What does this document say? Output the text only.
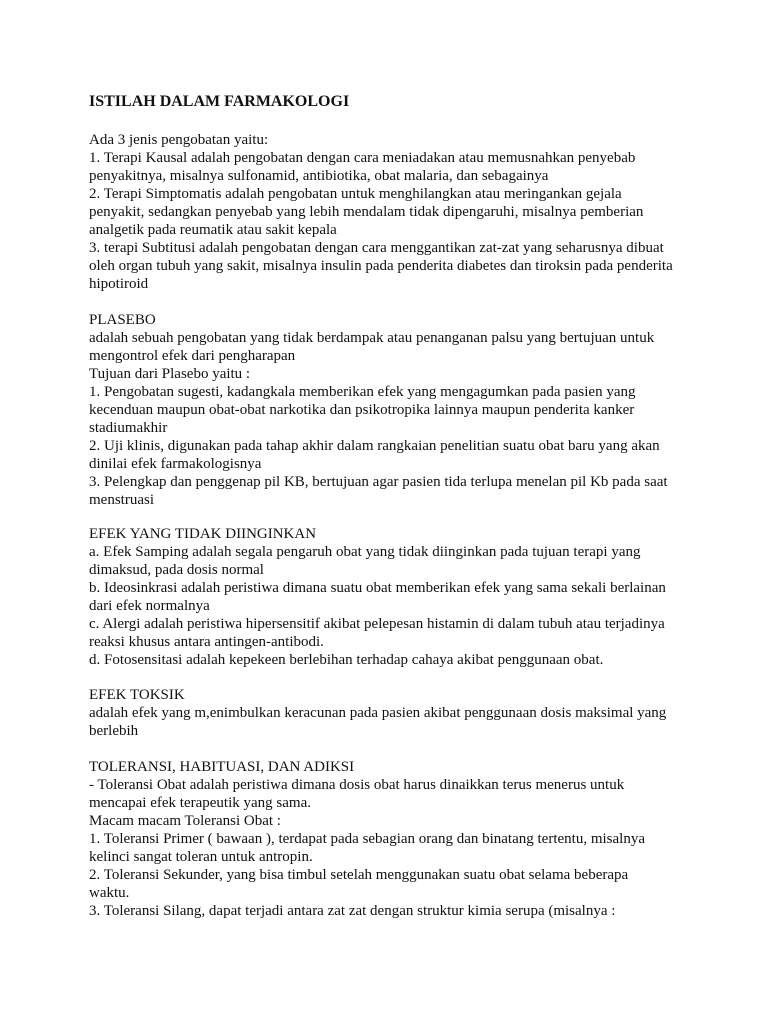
ISTILAH DALAM FARMAKOLOGI
Ada 3 jenis pengobatan yaitu:
1. Terapi Kausal adalah pengobatan dengan cara meniadakan atau memusnahkan penyebab
penyakitnya, misalnya sulfonamid, antibiotika, obat malaria, dan sebagainya
2. Terapi Simptomatis adalah pengobatan untuk menghilangkan atau meringankan gejala
penyakit, sedangkan penyebab yang lebih mendalam tidak dipengaruhi, misalnya pemberian
analgetik pada reumatik atau sakit kepala
3. terapi Subtitusi adalah pengobatan dengan cara menggantikan zat-zat yang seharusnya dibuat
oleh organ tubuh yang sakit, misalnya insulin pada penderita diabetes dan tiroksin pada penderita
hipotiroid
PLASEBO
adalah sebuah pengobatan yang tidak berdampak atau penanganan palsu yang bertujuan untuk
mengontrol efek dari pengharapan
Tujuan dari Plasebo yaitu :
1. Pengobatan sugesti, kadangkala memberikan efek yang mengagumkan pada pasien yang
kecenduan maupun obat-obat narkotika dan psikotropika lainnya maupun penderita kanker
stadiumakhir
2. Uji klinis, digunakan pada tahap akhir dalam rangkaian penelitian suatu obat baru yang akan
dinilai efek farmakologisnya
3. Pelengkap dan penggenap pil KB, bertujuan agar pasien tida terlupa menelan pil Kb pada saat
menstruasi
EFEK YANG TIDAK DIINGINKAN
a. Efek Samping adalah segala pengaruh obat yang tidak diinginkan pada tujuan terapi yang
dimaksud, pada dosis normal
b. Ideosinkrasi adalah peristiwa dimana suatu obat memberikan efek yang sama sekali berlainan
dari efek normalnya
c. Alergi adalah peristiwa hipersensitif akibat pelepesan histamin di dalam tubuh atau terjadinya
reaksi khusus antara antingen-antibodi.
d. Fotosensitasi adalah kepekeen berlebihan terhadap cahaya akibat penggunaan obat.
EFEK TOKSIK
adalah efek yang m,enimbulkan keracunan pada pasien akibat penggunaan dosis maksimal yang
berlebih
TOLERANSI, HABITUASI, DAN ADIKSI
- Toleransi Obat adalah peristiwa dimana dosis obat harus dinaikkan terus menerus untuk
mencapai efek terapeutik yang sama.
Macam macam Toleransi Obat :
1. Toleransi Primer ( bawaan ), terdapat pada sebagian orang dan binatang tertentu, misalnya
kelinci sangat toleran untuk antropin.
2. Toleransi Sekunder, yang bisa timbul setelah menggunakan suatu obat selama beberapa
waktu.
3. Toleransi Silang, dapat terjadi antara zat zat dengan struktur kimia serupa (misalnya :
